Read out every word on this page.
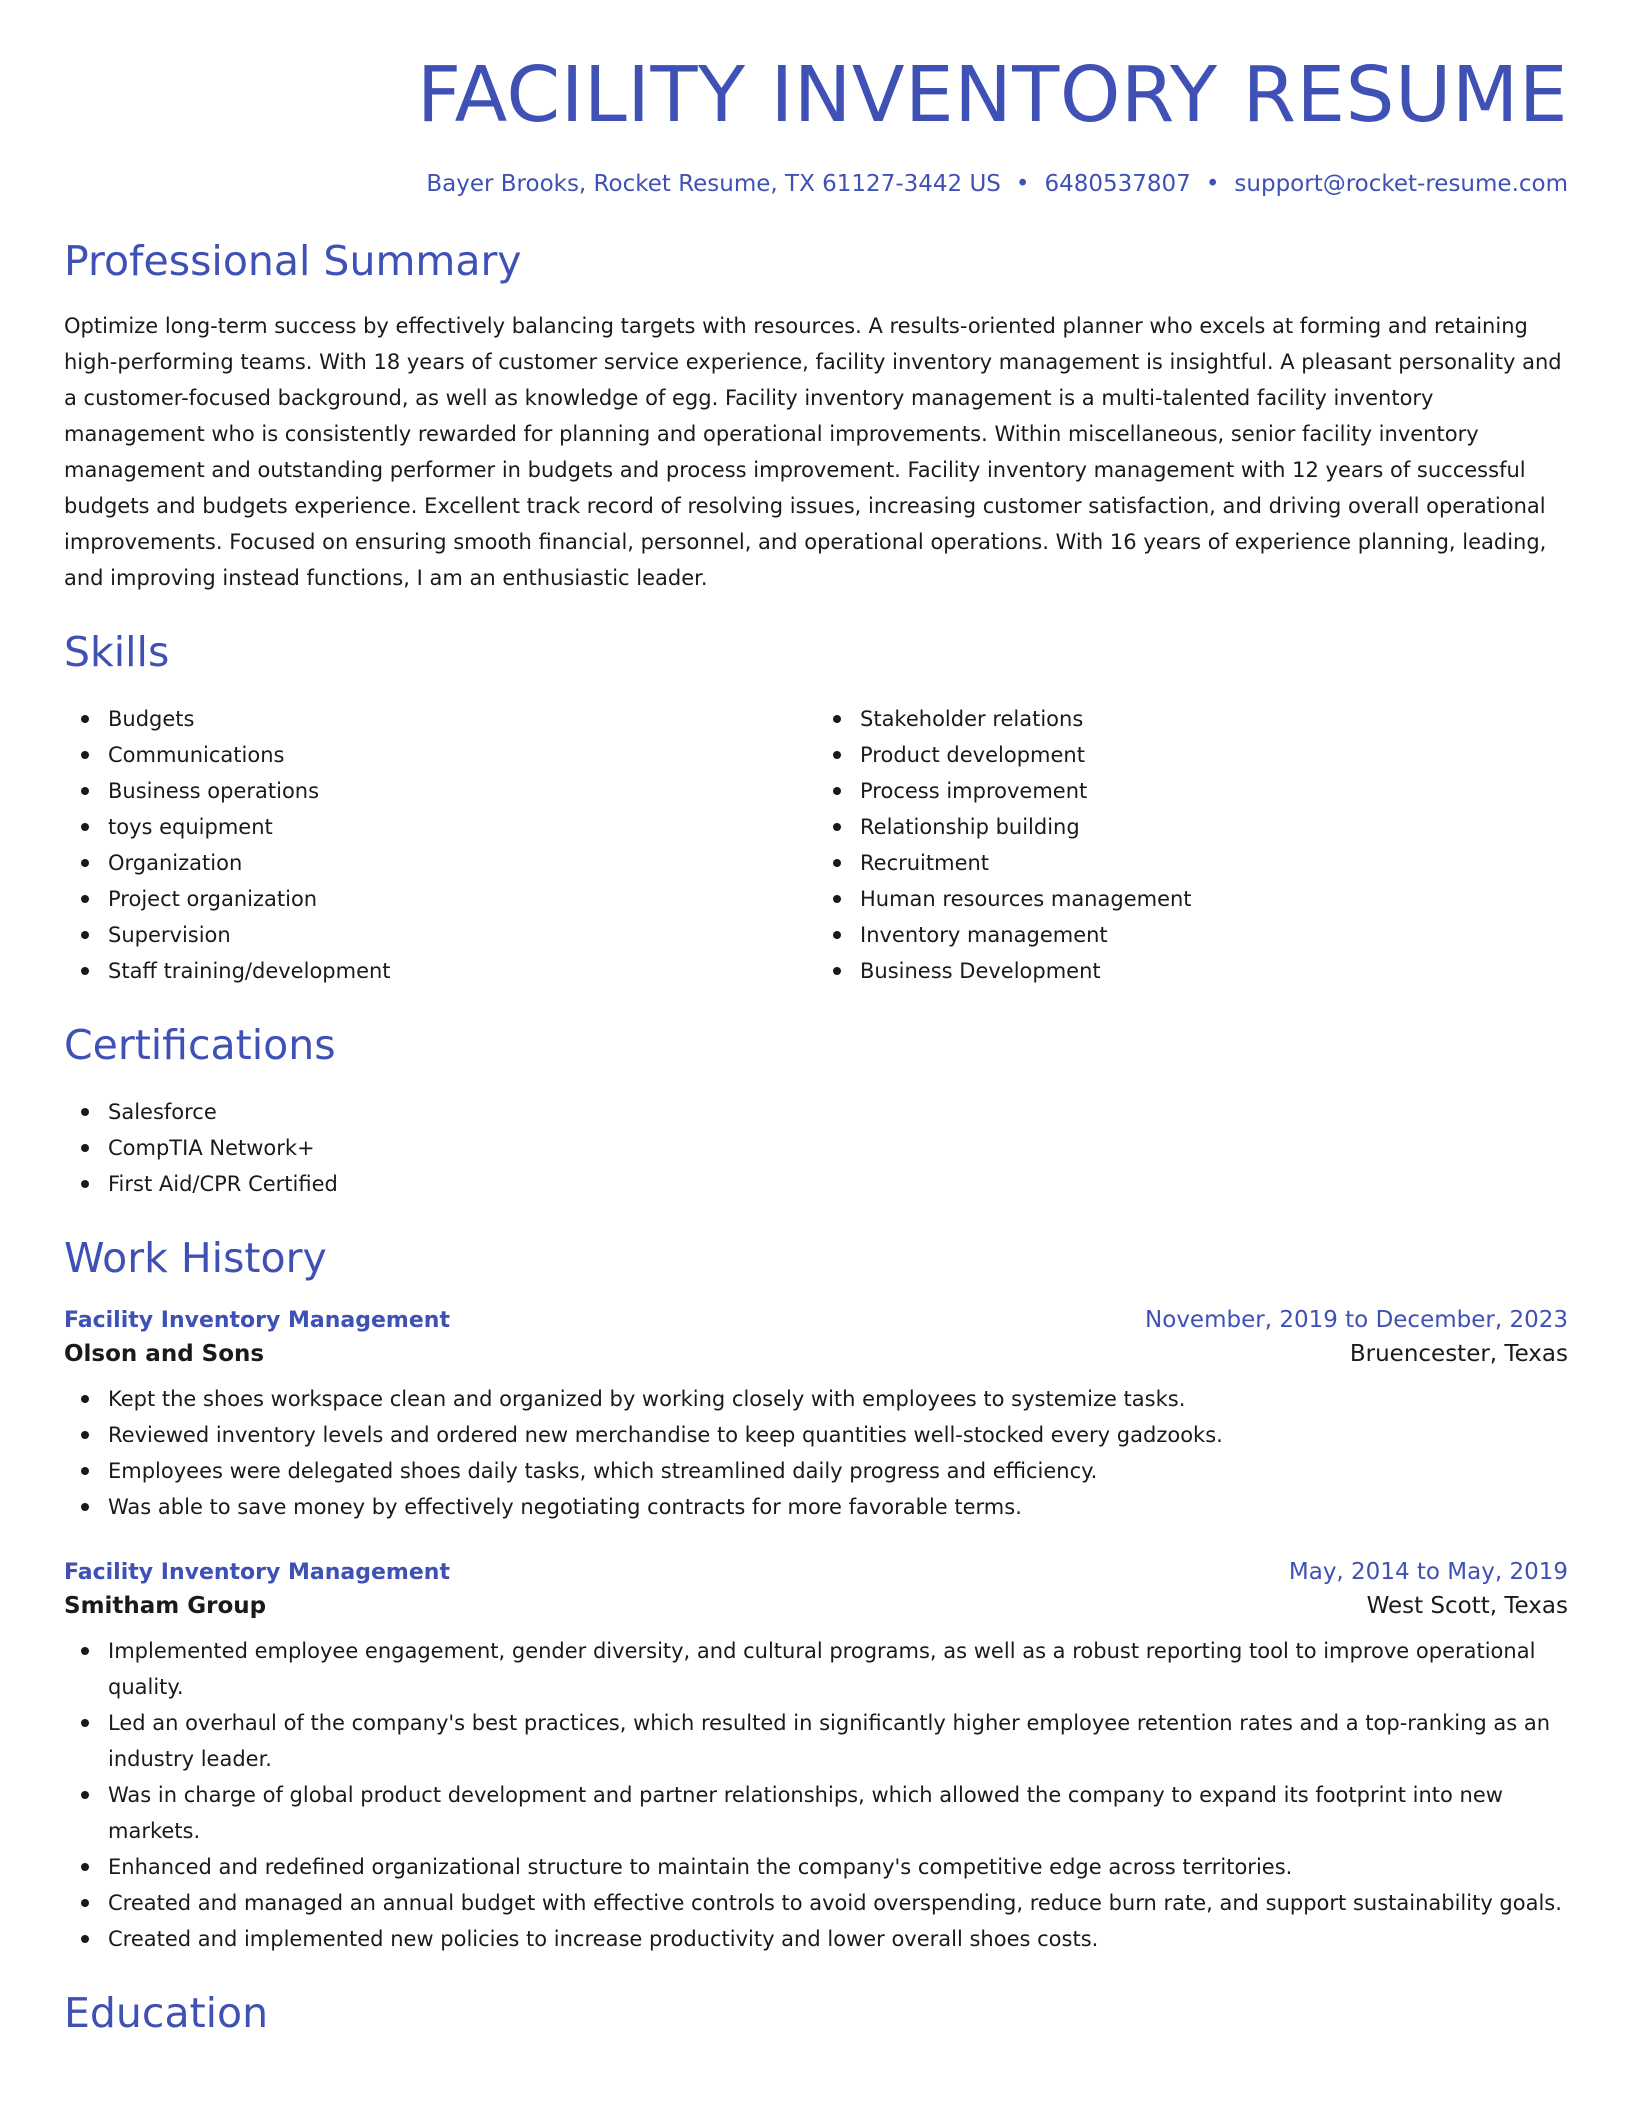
FACILITY INVENTORY RESUME
Bayer Brooks, Rocket Resume, TX 61127-3442 US • 6480537807 • support@rocket-resume.com
Professional Summary

Optimize long-term success by effectively balancing targets with resources. A results-oriented planner who excels at forming and retaining high-performing teams. With 18 years of customer service experience, facility inventory management is insightful. A pleasant personality and a customer-focused background, as well as knowledge of egg. Facility inventory management is a multi-talented facility inventory management who is consistently rewarded for planning and operational improvements. Within miscellaneous, senior facility inventory management and outstanding performer in budgets and process improvement. Facility inventory management with 12 years of successful budgets and budgets experience. Excellent track record of resolving issues, increasing customer satisfaction, and driving overall operational improvements. Focused on ensuring smooth financial, personnel, and operational operations. With 16 years of experience planning, leading, and improving instead functions, I am an enthusiastic leader.

Skills
Budgets
Communications
Business operations
toys equipment
Organization
Project organization
Supervision
Staff training/development
Stakeholder relations
Product development
Process improvement
Relationship building
Recruitment
Human resources management
Inventory management
Business Development
Certifications
Salesforce
CompTIA Network+
First Aid/CPR Certified
Work History
Facility Inventory Management	November, 2019 to December, 2023
Olson and Sons	Bruencester, Texas
Kept the shoes workspace clean and organized by working closely with employees to systemize tasks.
Reviewed inventory levels and ordered new merchandise to keep quantities well-stocked every gadzooks.
Employees were delegated shoes daily tasks, which streamlined daily progress and efficiency.
Was able to save money by effectively negotiating contracts for more favorable terms.
Facility Inventory Management	May, 2014 to May, 2019
Smitham Group	West Scott, Texas
Implemented employee engagement, gender diversity, and cultural programs, as well as a robust reporting tool to improve operational quality.
Led an overhaul of the company's best practices, which resulted in significantly higher employee retention rates and a top-ranking as an industry leader.
Was in charge of global product development and partner relationships, which allowed the company to expand its footprint into new markets.
Enhanced and redefined organizational structure to maintain the company's competitive edge across territories.
Created and managed an annual budget with effective controls to avoid overspending, reduce burn rate, and support sustainability goals.
Created and implemented new policies to increase productivity and lower overall shoes costs.
Education
